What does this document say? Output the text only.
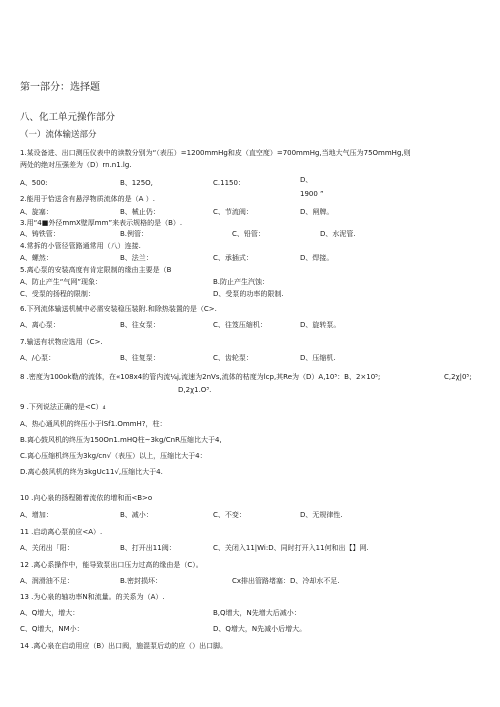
第一部分：选择题
八、化工单元操作部分
（一）流体输送部分
1.某设备进、出口测压仪表中的读数分别为“（表压）=1200mmHg和皮（直空度）=700mmHg,当地大气压为75OmmHg,则
两处的绝对压强差为（D）rn.n1.lg.
A、500:	B、125O,	C.1150：	D、
1900 ”
2.能用于恰送含有悬浮物质流体的是（A ）.
A、旋塞：	B、械止仍：	C、节流阀：	D、闸牌。
3.用“4■外径mmX壁厚mm”来表示规格的是（B）.
A、铸铁管：	B.例管：	C、铅管：	D、水泥管.
4.常拆的小管径管路通常用（八）连接.
A、螺然：	B、法兰：	C、承插式：	D、焊接。
5.离心泵的安装高度有肯定限制的缘由主要是（B
A、防止产生“气网”现象：	B.防止产生汽蚀：
C、受泵的扬程的限制：	D、受泵的功率的限制.
6.下列流体输送机械中必需安装稳压装附.和除热装置的是（C>.
A、离心泵：	B、往女泵：	C、往笈压缩机：	D、旋转泵。
7.输送有状物应选用（C>.
A、/心泵：	B、往复泵：	C、齿轮泵：	D、压缩机.
8 .密度为100ok勒/的流体，在«108x4的管内流¼j,流速为2nVs,流体的枯度为lcp,其Re为（D）A,10⁵：B、2×10⁵;	C,2χ|0⁵;
D,2χ1.O³.
9 .下列说法正确的是<C）₄
A、热心通风机的终压小于lSf1.OmmH?，柱：
B.离心鼓风机的终压为150On1.mHQ柱~3kg∕CnR压缩比大于4,
C.离心压缩机终压为3kg∕cn√（表压）以上，压缩比大于4：
D.离心鼓风机的终为3kgUc11√,压缩比大于4.
10 .向心泉的扬程随着流依的增和而<B>o
A、增加：	B、减小：	C、不变：	D、无规律性.
11 .启动离心泵前应<A）.
A、关闭出「阳：	B、打开出11阀：	C、关闭入11|Wi:D、同时打开入11何和出【】网.
12 .离心系操作中，能导致泵出口压力过高的缘由是（C）。
A、润滑油不足：	B.密封损坏：	Cx排出管路堵塞：D、冷却水不足.
13 .为心泉的轴功率N和流量。的关系为（A）.
A、Q增大，增大：	B,Q增大，N先增大后减小：
C、Q增大，NM小：	D、Q增大，N先减小后增大。
14 .离心泉在启动用应（B）出口阀，施混泵后动的应（）出口脚。
